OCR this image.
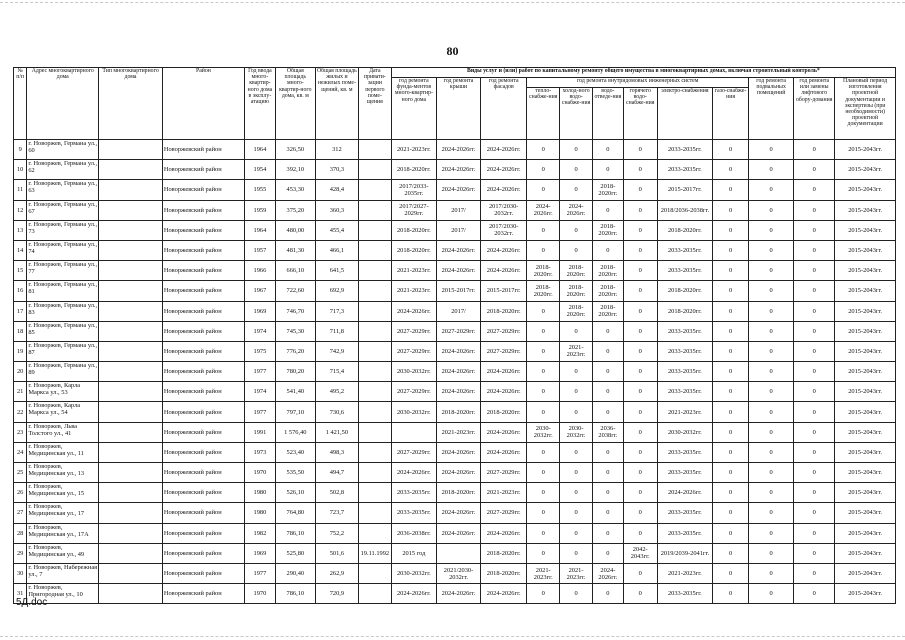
80
№ п/п	Адрес многоквартирного дома	Тип многоквартирного дома	Район	Год ввода много-квартир-ного дома в эксплу-атацию	Общая площадь много-квартир-ного дома, кв. м	Общая площадь жилых и нежилых поме-щений, кв. м	Дата привати-зации первого поме-щения	Виды услуг и (или) работ по капитальному ремонту общего имущества в многоквартирных домах, включая строительный контроль*											
								год ремонта фунда-ментов много-квартир-ного дома	год ремонта крыши	год ремонта фасадов	год ремонта внутридомовых инженерных систем						год ремонта подвальных помещений	год ремонта или замены лифтового обору-дования	Плановый период изготовления проектной документации и экспертизы (при необходимости) проектной документации
											тепло-снабже-ния	холод-ного водо-снабже-ния	водо-отведе-ния	горячего водо-снабже-ния	электро-снабжения	газо-снабже-ния			
9	г. Новоржев, Германа ул., 60		Новоржевский район	1964	326,50	312		2021-2023гг.	2024-2026гг.	2024-2026гг.	0	0	0	0	2033-2035гг.	0	0	0	2015-2043гг.
10	г. Новоржев, Германа ул., 62		Новоржевский район	1954	392,10	370,3		2018-2020гг.	2024-2026гг.	2024-2026гг.	0	0	0	0	2033-2035гг.	0	0	0	2015-2043гг.
11	г. Новоржев, Германа ул., 63		Новоржевский район	1955	453,30	428,4		2017/2033-2035гг.	2024-2026гг.	2024-2026гг.	0	0	2018-2020гг.	0	2015-2017гг.	0	0	0	2015-2043гг.
12	г. Новоржев, Германа ул., 67		Новоржевский район	1959	375,20	360,3		2017/2027-2029гг.	2017/	2017/2030-2032гг.	2024-2026гг.	2024-2026гг.	0	0	2018/2036-2038гг.	0	0	0	2015-2043гг.
13	г. Новоржев, Германа ул., 73		Новоржевский район	1964	480,00	455,4		2018-2020гг.	2017/	2017/2030-2032гг.	0	0	2018-2020гг.	0	2018-2020гг.	0	0	0	2015-2043гг.
14	г. Новоржев, Германа ул., 74		Новоржевский район	1957	481,30	466,1		2018-2020гг.	2024-2026гг.	2024-2026гг.	0	0	0	0	2033-2035гг.	0	0	0	2015-2043гг.
15	г. Новоржев, Германа ул., 77		Новоржевский район	1966	666,10	641,5		2021-2023гг.	2024-2026гг.	2024-2026гг.	2018-2020гг.	2018-2020гг.	2018-2020гг.	0	2033-2035гг.	0	0	0	2015-2043гг.
16	г. Новоржев, Германа ул., 81		Новоржевский район	1967	722,60	692,9		2021-2023гг.	2015-2017гг.	2015-2017гг.	2018-2020гг.	2018-2020гг.	2018-2020гг.	0	2018-2020гг.	0	0	0	2015-2043гг.
17	г. Новоржев, Германа ул., 83		Новоржевский район	1969	746,70	717,3		2024-2026гг.	2017/	2018-2020гг.	0	2018-2020гг.	2018-2020гг.	0	2018-2020гг.	0	0	0	2015-2043гг.
18	г. Новоржев, Германа ул., 85		Новоржевский район	1974	745,30	711,8		2027-2029гг.	2027-2029гг.	2027-2029гг.	0	0	0	0	2033-2035гг.	0	0	0	2015-2043гг.
19	г. Новоржев, Германа ул., 87		Новоржевский район	1975	776,20	742,9		2027-2029гг.	2024-2026гг.	2027-2029гг.	0	2021-2023гг.	0	0	2033-2035гг.	0	0	0	2015-2043гг.
20	г. Новоржев, Германа ул., 89		Новоржевский район	1977	780,20	715,4		2030-2032гг.	2024-2026гг.	2024-2026гг.	0	0	0	0	2033-2035гг.	0	0	0	2015-2043гг.
21	г. Новоржев, Карла Маркса ул., 53		Новоржевский район	1974	541,40	495,2		2027-2029гг.	2024-2026гг.	2024-2026гг.	0	0	0	0	2033-2035гг.	0	0	0	2015-2043гг.
22	г. Новоржев, Карла Маркса ул., 54		Новоржевский район	1977	797,10	730,6		2030-2032гг.	2018-2020гг.	2018-2020гг.	0	0	0	0	2021-2023гг.	0	0	0	2015-2043гг.
23	г. Новоржев, Льва Толстого ул., 41		Новоржевский район	1991	1 576,40	1 421,50			2021-2023гг.	2024-2026гг.	2030-2032гг.	2030-2032гг.	2036-2038гг.	0	2030-2032гг.	0	0	0	2015-2043гг.
24	г. Новоржев, Медицинская ул., 11		Новоржевский район	1973	523,40	498,3		2027-2029гг.	2024-2026гг.	2024-2026гг.	0	0	0	0	2033-2035гг.	0	0	0	2015-2043гг.
25	г. Новоржев, Медицинская ул., 13		Новоржевский район	1970	535,50	494,7		2024-2026гг.	2024-2026гг.	2027-2029гг.	0	0	0	0	2033-2035гг.	0	0	0	2015-2043гг.
26	г. Новоржев, Медицинская ул., 15		Новоржевский район	1980	526,10	502,8		2033-2035гг.	2018-2020гг.	2021-2023гг.	0	0	0	0	2024-2026гг.	0	0	0	2015-2043гг.
27	г. Новоржев, Медицинская ул., 17		Новоржевский район	1980	764,80	723,7		2033-2035гг.	2024-2026гг.	2027-2029гг.	0	0	0	0	2033-2035гг.	0	0	0	2015-2043гг.
28	г. Новоржев, Медицинская ул., 17А		Новоржевский район	1982	786,10	752,2		2036-2038гг.	2024-2026гг.	2024-2026гг.	0	0	0	0	2033-2035гг.	0	0	0	2015-2043гг.
29	г. Новоржев, Медицинская ул., 49		Новоржевский район	1969	525,80	501,6	19.11.1992	2015 год		2018-2020гг.	0	0	0	2042-2043гг.	2019/2039-2041гг.	0	0	0	2015-2043гг.
30	г. Новоржев, Набережная ул., 7		Новоржевский район	1977	290,40	262,9		2030-2032гг.	2021/2030-2032гг.	2018-2020гг.	2021-2023гг.	2021-2023гг.	2024-2026гг.	0	2021-2023гг.	0	0	0	2015-2043гг.
31	г. Новоржев, Пригородная ул., 10		Новоржевский район	1970	786,10	720,9		2024-2026гг.	2024-2026гг.	2024-2026гг.	0	0	0	0	2033-2035гг.	0	0	0	2015-2043гг.
5Д.doc
